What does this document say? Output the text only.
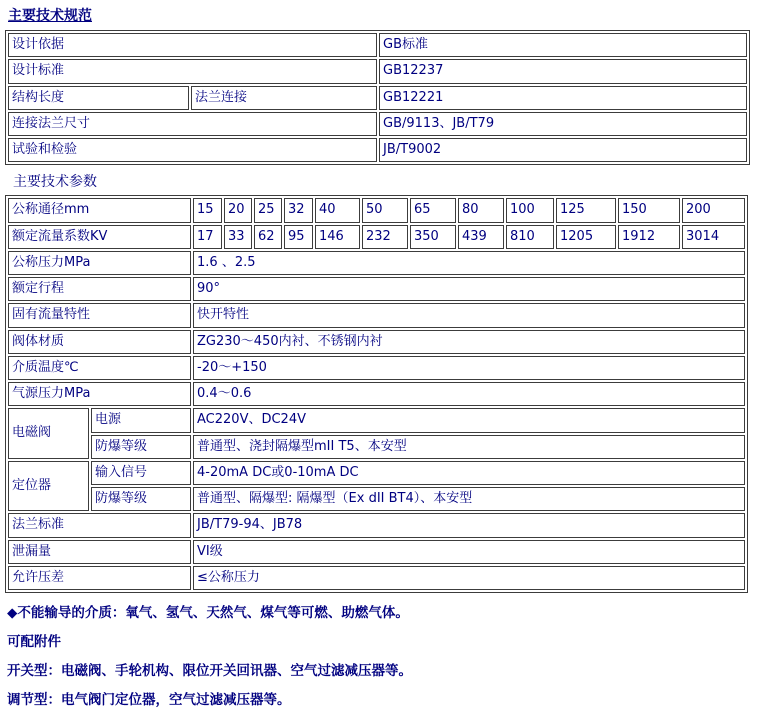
主要技术规范
设计依据		GB标准
设计标准		GB12237
结构长度	法兰连接	GB12221
连接法兰尺寸		GB/9113、JB/T79
试验和检验		JB/T9002
主要技术参数
公称通径mm		15	20	25	32	40	50	65	80	100	125	150	200
额定流量系数KV		17	33	62	95	146	232	350	439	810	1205	1912	3014
公称压力MPa		1.6 、2.5											
额定行程		90°											
固有流量特性		快开特性											
阀体材质		ZG230～450内衬、不锈钢内衬											
介质温度℃		-20～+150											
气源压力MPa		0.4～0.6											
电磁阀	电源	AC220V、DC24V											
	防爆等级	普通型、浇封隔爆型mII T5、本安型											
定位器	输入信号	4-20mA DC或0-10mA DC											
	防爆等级	普通型、隔爆型: 隔爆型（Ex dII BT4）、本安型											
法兰标准		JB/T79-94、JB78											
泄漏量		VI级											
允许压差		≤公称压力											
◆不能输导的介质：氧气、氢气、天然气、煤气等可燃、助燃气体。
可配附件
开关型：电磁阀、手轮机构、限位开关回讯器、空气过滤减压器等。
调节型：电气阀门定位器，空气过滤减压器等。
